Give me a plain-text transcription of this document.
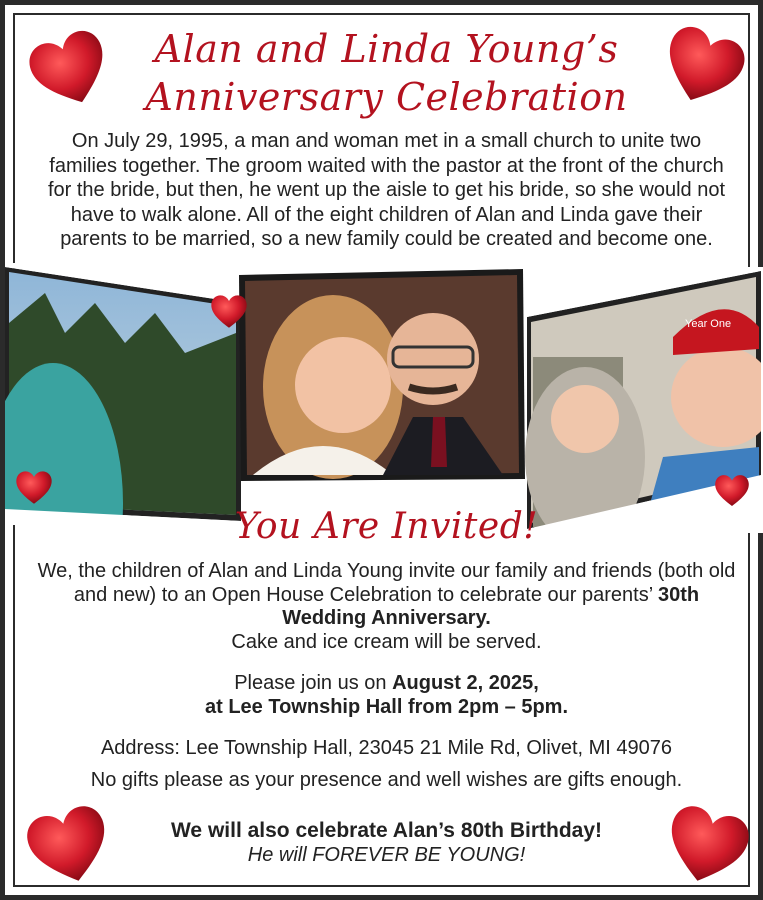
Alan and Linda Young’s
Anniversary Celebration
On July 29, 1995, a man and woman met in a small church to unite two families together. The groom waited with the pastor at the front of the church for the bride, but then, he went up the aisle to get his bride, so she would not have to walk alone. All of the eight children of Alan and Linda gave their parents to be married, so a new family could be created and become one.
Year One
You Are Invited!
We, the children of Alan and Linda Young invite our family and friends (both old and new) to an Open House Celebration to celebrate our parents’ 30th Wedding Anniversary.
Cake and ice cream will be served.
Please join us on August 2, 2025,
at Lee Township Hall from 2pm – 5pm.
Address: Lee Township Hall, 23045 21 Mile Rd, Olivet, MI 49076
No gifts please as your presence and well wishes are gifts enough.
We will also celebrate Alan’s 80th Birthday!
He will FOREVER BE YOUNG!
